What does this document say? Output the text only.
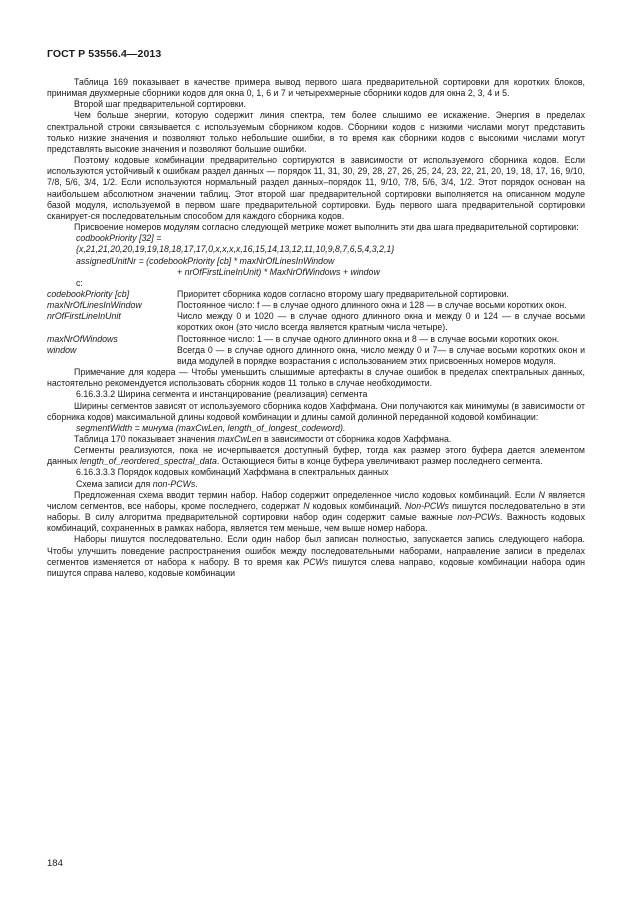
ГОСТ Р 53556.4—2013

Таблица 169 показывает в качестве примера вывод первого шага предварительной сортировки для коротких блоков, принимая двухмерные сборники кодов для окна 0, 1, 6 и 7 и четырехмерные сборники кодов для окна 2, 3, 4 и 5.

Второй шаг предварительной сортировки.

Чем больше энергии, которую содержит линия спектра, тем более слышимо ее искажение. Энергия в пределах спектральной строки связывается с используемым сборником кодов. Сборники кодов с низкими числами могут представить только низкие значения и позволяют только небольшие ошибки, в то время как сборники кодов с высокими числами могут представлять высокие значения и позволяют большие ошибки.

Поэтому кодовые комбинации предварительно сортируются в зависимости от используемого сборника кодов. Если используются устойчивый к ошибкам раздел данных — порядок 11, 31, 30, 29, 28, 27, 26, 25, 24, 23, 22, 21, 20, 19, 18, 17, 16, 9/10, 7/8, 5/6, 3/4, 1/2. Если используются нормальный раздел данных–порядок 11, 9/10, 7/8, 5/6, 3/4, 1/2. Этот порядок основан на наибольшем абсолютном значении таблиц. Этот второй шаг предварительной сортировки выполняется на описанном модуле базой модуля, используемой в первом шаге предварительной сортировки. Будь первого шага предварительной сортировки сканирует-ся последовательным способом для каждого сборника кодов.

Присвоение номеров модулям согласно следующей метрике может выполнить эти два шага предварительной сортировки:

codbookPriority [32] =

{x,21,21,20,20,19,19,18,18,17,17,0,x,x,x,x,16,15,14,13,12,11,10,9,8,7,6,5,4,3,2,1}

assignedUnitNr = (codebookPriority [cb] * maxNrOfLinesInWindow

+ nrOfFirstLineInUnit) * MaxNrOfWindows + window

с:

codebookPriority [cb]	Приоритет сборника кодов согласно второму шагу предварительной сортировки.
maxNrOfLinesInWindow	Постоянное число: f — в случае одного длинного окна и 128 — в случае восьми коротких окон.
nrOfFirstLineInUnit	Число между 0 и 1020 — в случае одного длинного окна и между 0 и 124 — в случае восьми коротких окон (это число всегда является кратным числа четыре).
maxNrOfWindows	Постоянное число: 1 — в случае одного длинного окна и 8 — в случае восьми коротких окон.
window	Всегда 0 — в случае одного длинного окна, число между 0 и 7— в случае восьми коротких окон и вида модулей в порядке возрастания с использованием этих присвоенных номеров модуля.

Примечание для кодера — Чтобы уменьшить слышимые артефакты в случае ошибок в пределах спектральных данных, настоятельно рекомендуется использовать сборник кодов 11 только в случае необходимости.

6.16.3.3.2 Ширина сегмента и инстанцирование (реализация) сегмента

Ширины сегментов зависят от используемого сборника кодов Хаффмана. Они получаются как минимумы (в зависимости от сборника кодов) максимальной длины кодовой комбинации и длины самой долинной переданной кодовой комбинации:

segmentWidth = минума (maxCwLen, length_of_longest_codeword).

Таблица 170 показывает значения maxCwLen в зависимости от сборника кодов Хаффмана.

Сегменты реализуются, пока не исчерпывается доступный буфер, тогда как размер этого буфера дается элементом данных length_of_reordered_spectral_data. Остающиеся биты в конце буфера увеличивают размер последнего сегмента.

6.16.3.3.3 Порядок кодовых комбинаций Хаффмана в спектральных данных

Схема записи для non-PCWs.

Предложенная схема вводит термин набор. Набор содержит определенное число кодовых комбинаций. Если N является числом сегментов, все наборы, кроме последнего, содержат N кодовых комбинаций. Non-PCWs пишутся последовательно в эти наборы. В силу алгоритма предварительной сортировки набор один содержит самые важные non-PCWs. Важность кодовых комбинаций, сохраненных в рамках набора, является тем меньше, чем выше номер набора.

Наборы пишутся последовательно. Если один набор был записан полностью, запускается запись следующего набора. Чтобы улучшить поведение распространения ошибок между последовательными наборами, направление записи в пределах сегментов изменяется от набора к набору. В то время как PCWs пишутся слева направо, кодовые комбинации набора один пишутся справа налево, кодовые комбинации

184
